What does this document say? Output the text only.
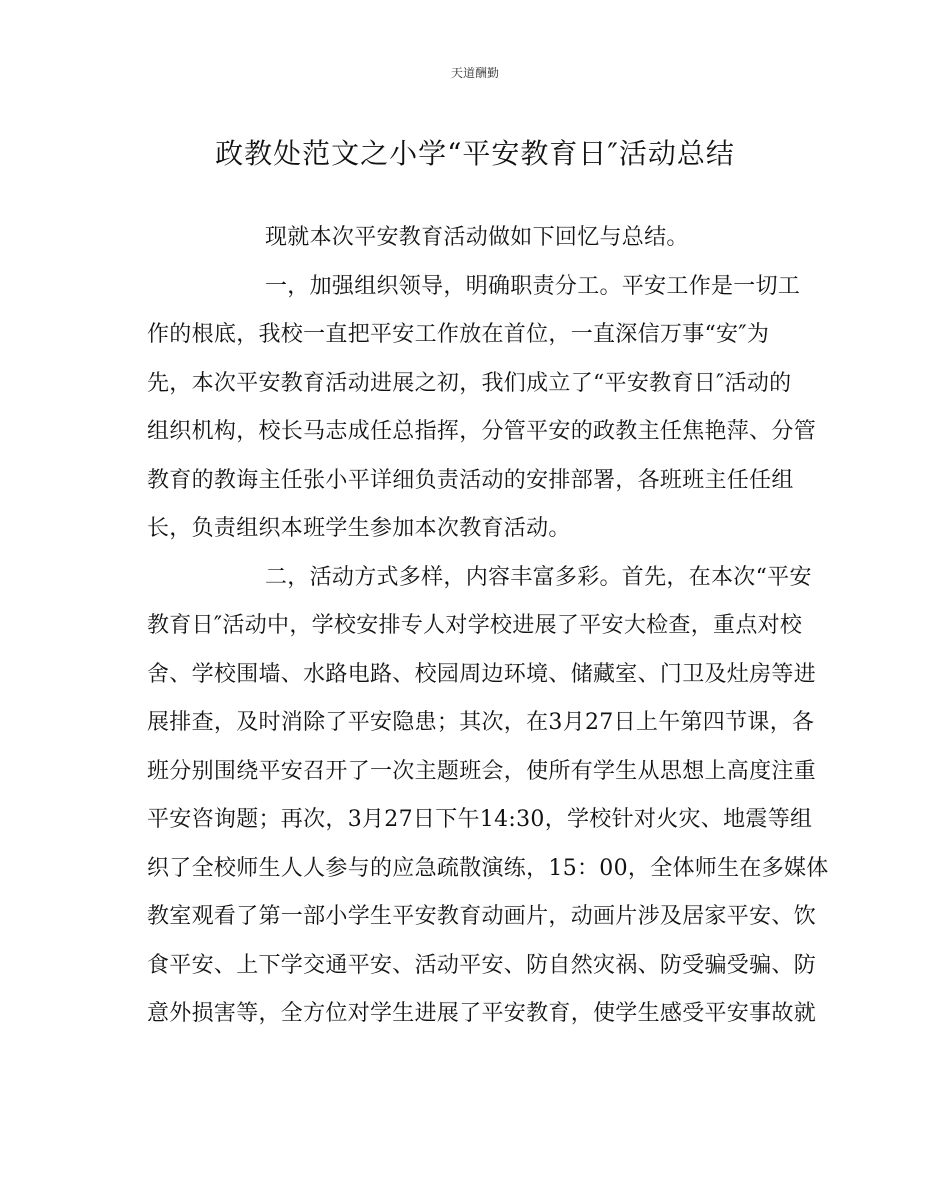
天道酬勤
政教处范文之小学“平安教育日″活动总结
现就本次平安教育活动做如下回忆与总结。
一，加强组织领导，明确职责分工。平安工作是一切工
作的根底，我校一直把平安工作放在首位，一直深信万事“安″为
先，本次平安教育活动进展之初，我们成立了“平安教育日″活动的
组织机构，校长马志成任总指挥，分管平安的政教主任焦艳萍、分管
教育的教诲主任张小平详细负责活动的安排部署，各班班主任任组
长，负责组织本班学生参加本次教育活动。
二，活动方式多样，内容丰富多彩。首先，在本次“平安
教育日″活动中，学校安排专人对学校进展了平安大检查，重点对校
舍、学校围墙、水路电路、校园周边环境、储藏室、门卫及灶房等进
展排查，及时消除了平安隐患；其次，在3月27日上午第四节课，各
班分别围绕平安召开了一次主题班会，使所有学生从思想上高度注重
平安咨询题；再次，3月27日下午14:30，学校针对火灾、地震等组
织了全校师生人人参与的应急疏散演练，15：00，全体师生在多媒体
教室观看了第一部小学生平安教育动画片，动画片涉及居家平安、饮
食平安、上下学交通平安、活动平安、防自然灾祸、防受骗受骗、防
意外损害等，全方位对学生进展了平安教育，使学生感受平安事故就
